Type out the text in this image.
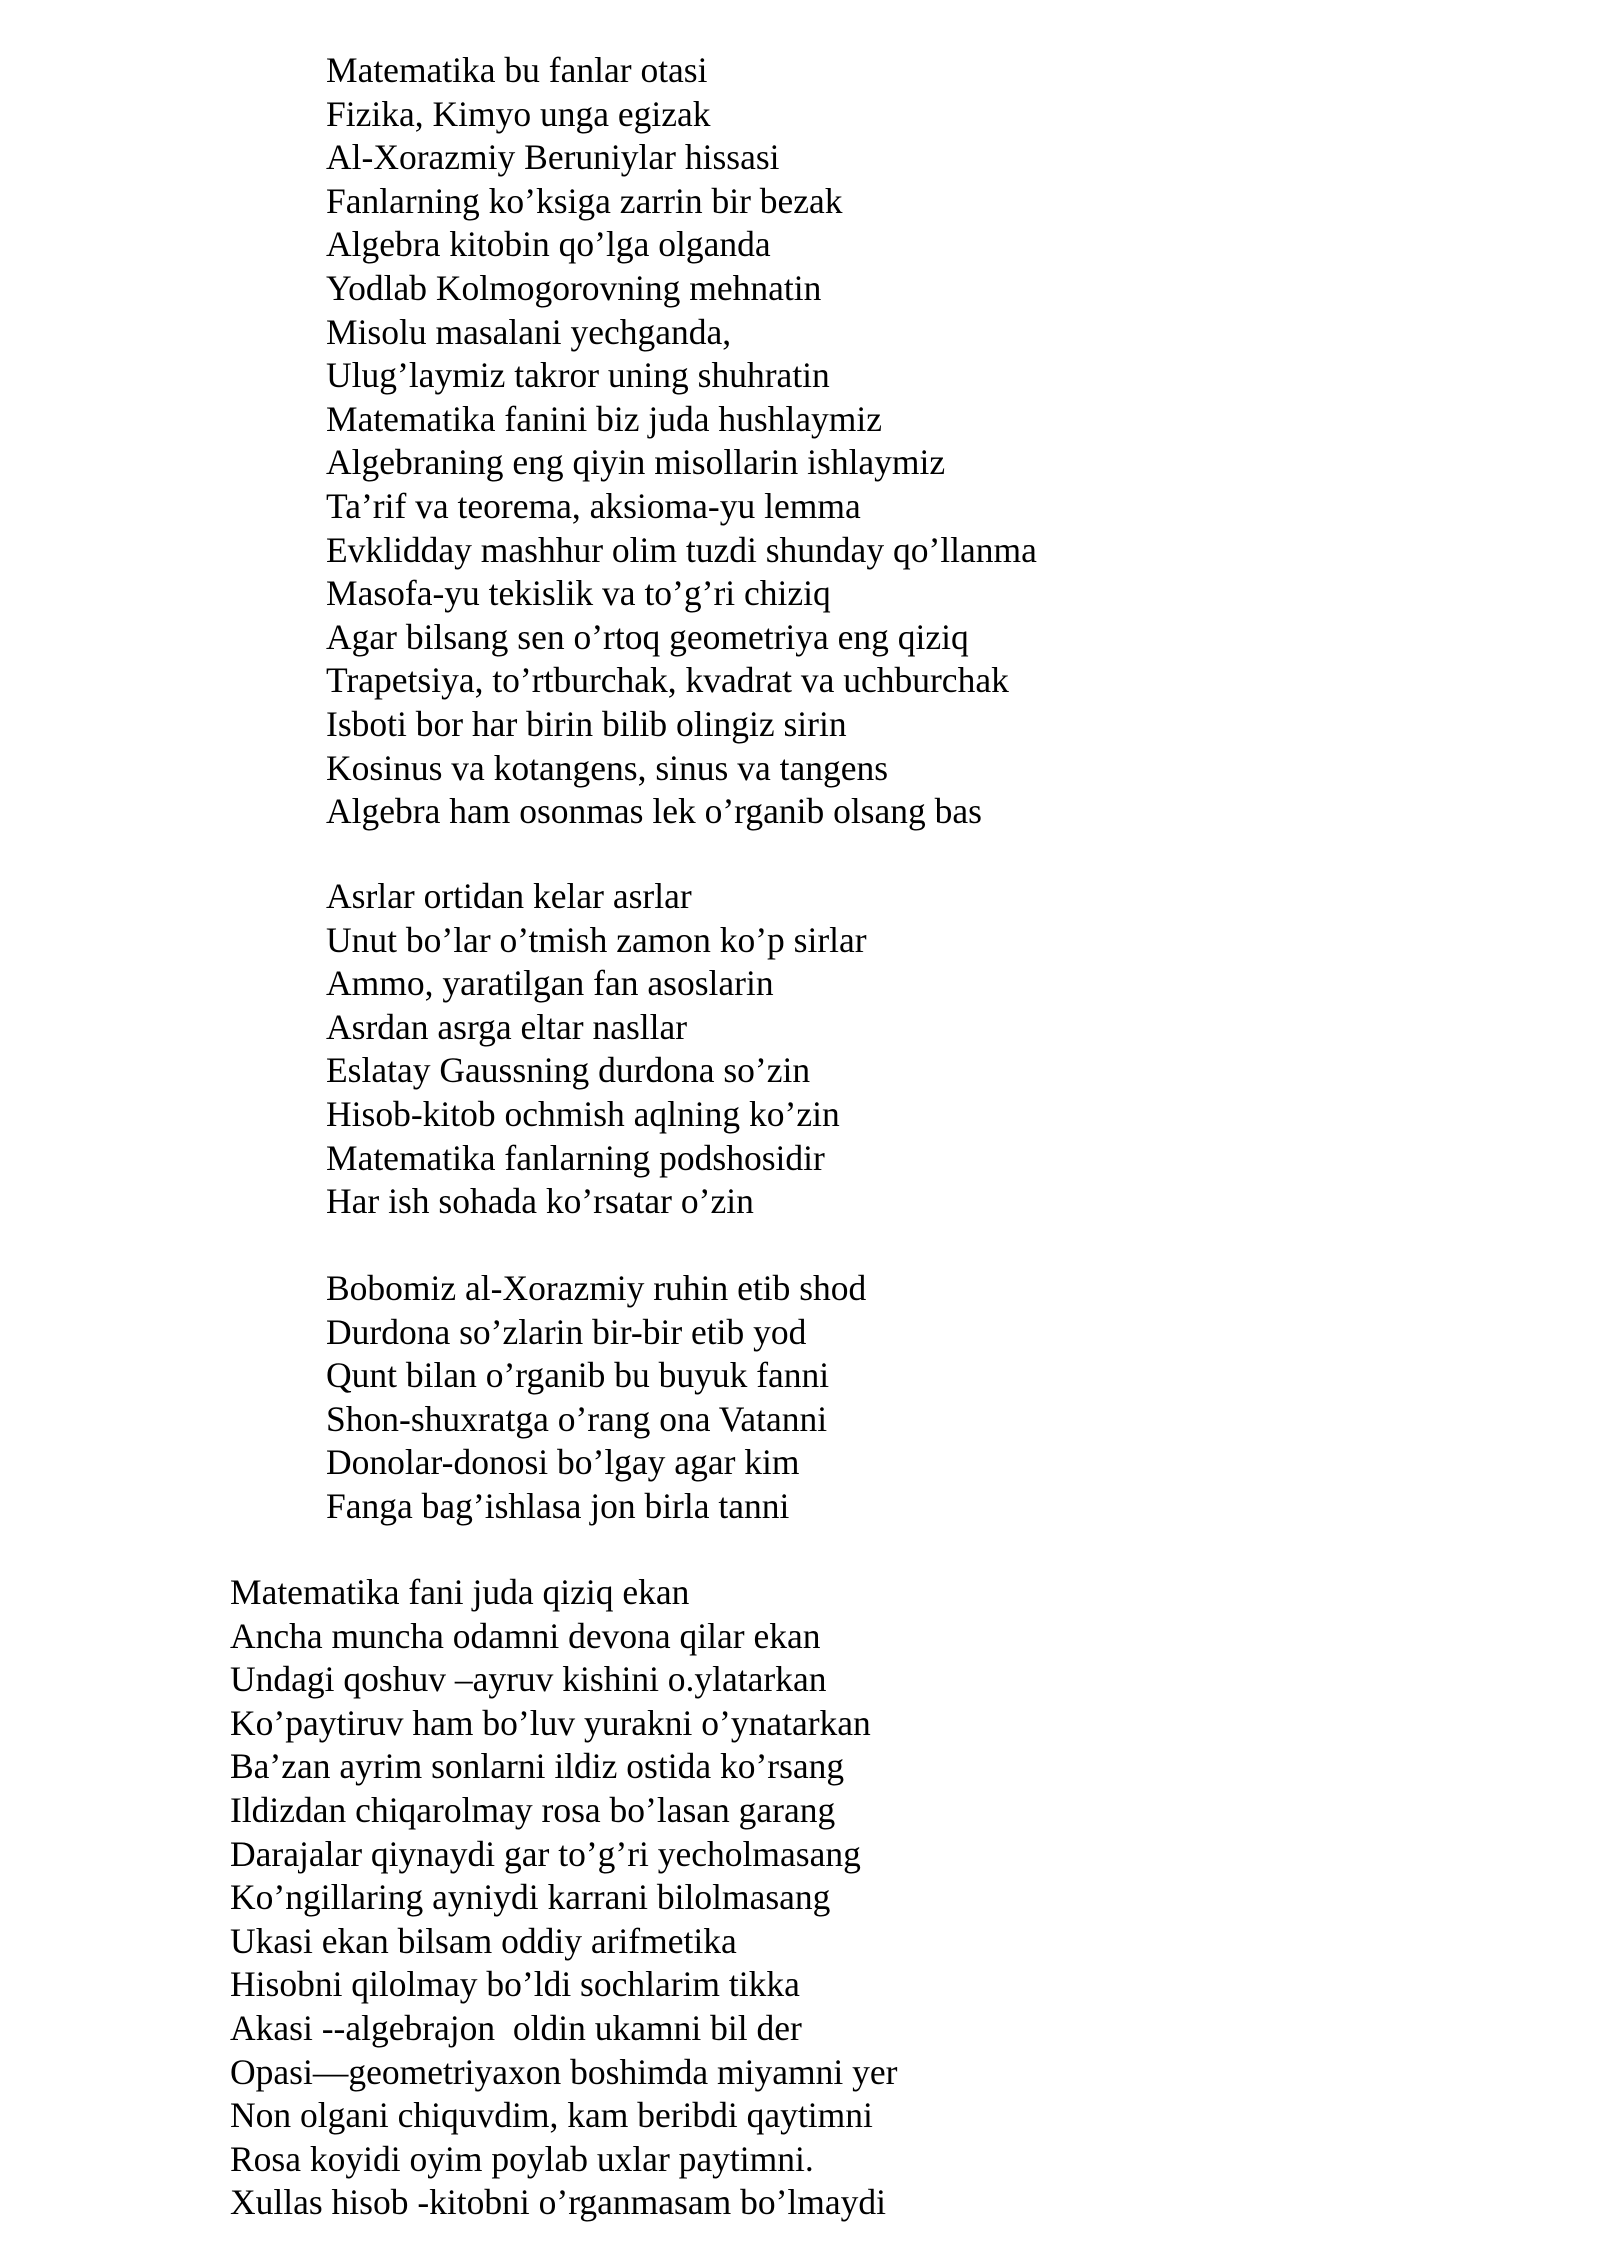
Matematika bu fanlar otasi
Fizika, Kimyo unga egizak
Al-Xorazmiy Beruniylar hissasi
Fanlarning ko’ksiga zarrin bir bezak
Algebra kitobin qo’lga olganda
Yodlab Kolmogorovning mehnatin
Misolu masalani yechganda,
Ulug’laymiz takror uning shuhratin
Matematika fanini biz juda hushlaymiz
Algebraning eng qiyin misollarin ishlaymiz
Ta’rif va teorema, aksioma-yu lemma
Evklidday mashhur olim tuzdi shunday qo’llanma
Masofa-yu tekislik va to’g’ri chiziq
Agar bilsang sen o’rtoq geometriya eng qiziq
Trapetsiya, to’rtburchak, kvadrat va uchburchak
Isboti bor har birin bilib olingiz sirin
Kosinus va kotangens, sinus va tangens
Algebra ham osonmas lek o’rganib olsang bas
Asrlar ortidan kelar asrlar
Unut bo’lar o’tmish zamon ko’p sirlar
Ammo, yaratilgan fan asoslarin
Asrdan asrga eltar nasllar
Eslatay Gaussning durdona so’zin
Hisob-kitob ochmish aqlning ko’zin
Matematika fanlarning podshosidir
Har ish sohada ko’rsatar o’zin
Bobomiz al-Xorazmiy ruhin etib shod
Durdona so’zlarin bir-bir etib yod
Qunt bilan o’rganib bu buyuk fanni
Shon-shuxratga o’rang ona Vatanni
Donolar-donosi bo’lgay agar kim
Fanga bag’ishlasa jon birla tanni
Matematika fani juda qiziq ekan
Ancha muncha odamni devona qilar ekan
Undagi qoshuv –ayruv kishini o.ylatarkan
Ko’paytiruv ham bo’luv yurakni o’ynatarkan
Ba’zan ayrim sonlarni ildiz ostida ko’rsang
Ildizdan chiqarolmay rosa bo’lasan garang
Darajalar qiynaydi gar to’g’ri yecholmasang
Ko’ngillaring ayniydi karrani bilolmasang
Ukasi ekan bilsam oddiy arifmetika
Hisobni qilolmay bo’ldi sochlarim tikka
Akasi --algebrajon  oldin ukamni bil der
Opasi—geometriyaxon boshimda miyamni yer
Non olgani chiquvdim, kam beribdi qaytimni
Rosa koyidi oyim poylab uxlar paytimni.
Xullas hisob -kitobni o’rganmasam bo’lmaydi
